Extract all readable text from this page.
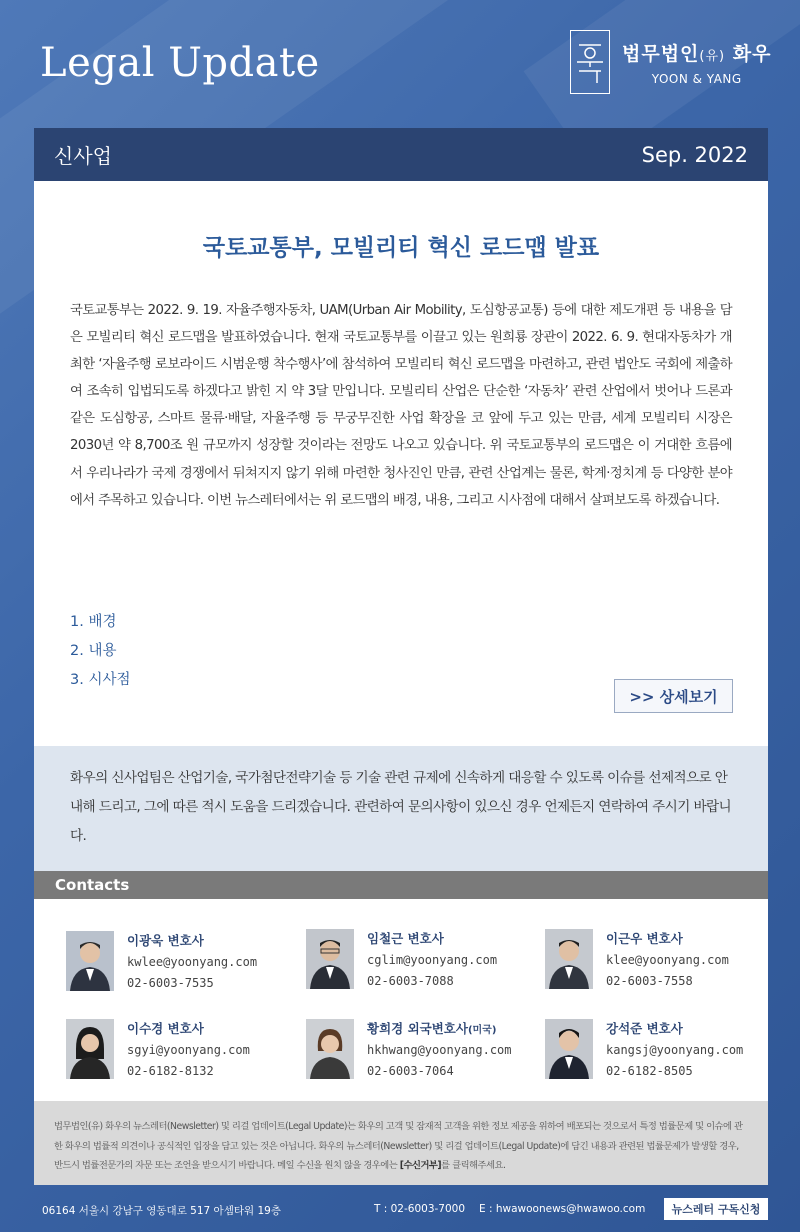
Legal Update	법무법인(유) 화우
YOON & YANG
신사업	Sep. 2022
국토교통부, 모빌리티 혁신 로드맵 발표
국토교통부는 2022. 9. 19. 자율주행자동차, UAM(Urban Air Mobility, 도심항공교통) 등에 대한 제도개편 등 내용을 담은 모빌리티 혁신 로드맵을 발표하였습니다. 현재 국토교통부를 이끌고 있는 원희룡 장관이 2022. 6. 9. 현대자동차가 개최한 ‘자율주행 로보라이드 시범운행 착수행사’에 참석하여 모빌리티 혁신 로드맵을 마련하고, 관련 법안도 국회에 제출하여 조속히 입법되도록 하겠다고 밝힌 지 약 3달 만입니다. 모빌리티 산업은 단순한 ‘자동차’ 관련 산업에서 벗어나 드론과 같은 도심항공, 스마트 물류·배달, 자율주행 등 무궁무진한 사업 확장을 코 앞에 두고 있는 만큼, 세계 모빌리티 시장은 2030년 약 8,700조 원 규모까지 성장할 것이라는 전망도 나오고 있습니다. 위 국토교통부의 로드맵은 이 거대한 흐름에서 우리나라가 국제 경쟁에서 뒤쳐지지 않기 위해 마련한 청사진인 만큼, 관련 산업계는 물론, 학계·정치계 등 다양한 분야에서 주목하고 있습니다. 이번 뉴스레터에서는 위 로드맵의 배경, 내용, 그리고 시사점에 대해서 살펴보도록 하겠습니다.
1. 배경
2. 내용
3. 시사점
>> 상세보기

화우의 신사업팀은 산업기술, 국가첨단전략기술 등 기술 관련 규제에 신속하게 대응할 수 있도록 이슈를 선제적으로 안내해 드리고, 그에 따른 적시 도움을 드리겠습니다. 관련하여 문의사항이 있으신 경우 언제든지 연락하여 주시기 바랍니다.

Contacts
이광욱 변호사
kwlee@yoonyang.com
02-6003-7535
임철근 변호사
cglim@yoonyang.com
02-6003-7088
이근우 변호사
klee@yoonyang.com
02-6003-7558
이수경 변호사
sgyi@yoonyang.com
02-6182-8132
황희경 외국변호사(미국)
hkhwang@yoonyang.com
02-6003-7064
강석준 변호사
kangsj@yoonyang.com
02-6182-8505

법무법인(유) 화우의 뉴스레터(Newsletter) 및 리걸 업데이트(Legal Update)는 화우의 고객 및 잠재적 고객을 위한 정보 제공을 위하여 배포되는 것으로서 특정 법률문제 및 이슈에 관한 화우의 법률적 의견이나 공식적인 입장을 담고 있는 것은 아닙니다. 화우의 뉴스레터(Newsletter) 및 리걸 업데이트(Legal Update)에 담긴 내용과 관련된 법률문제가 발생할 경우, 반드시 법률전문가의 자문 또는 조언을 받으시기 바랍니다. 메일 수신을 원치 않을 경우에는 [수신거부]를 클릭해주세요.

06164 서울시 강남구 영동대로 517 아셈타워 19층	T : 02-6003-7000 E : hwawoonews@hwawoo.com	뉴스레터 구독신청
